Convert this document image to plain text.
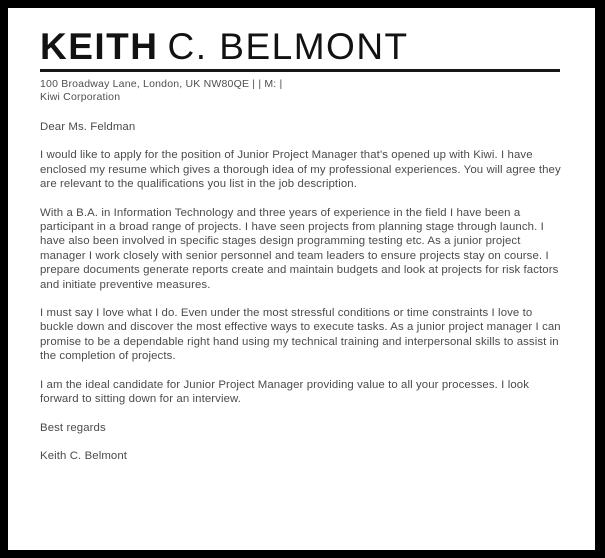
KEITH C. BELMONT
100 Broadway Lane, London, UK NW80QE | | M: |
Kiwi Corporation

Dear Ms. Feldman

I would like to apply for the position of Junior Project Manager that's opened up with Kiwi. I have enclosed my resume which gives a thorough idea of my professional experiences. You will agree they are relevant to the qualifications you list in the job description.

With a B.A. in Information Technology and three years of experience in the field I have been a participant in a broad range of projects. I have seen projects from planning stage through launch. I have also been involved in specific stages design programming testing etc. As a junior project manager I work closely with senior personnel and team leaders to ensure projects stay on course. I prepare documents generate reports create and maintain budgets and look at projects for risk factors and initiate preventive measures.

I must say I love what I do. Even under the most stressful conditions or time constraints I love to buckle down and discover the most effective ways to execute tasks. As a junior project manager I can promise to be a dependable right hand using my technical training and interpersonal skills to assist in the completion of projects.

I am the ideal candidate for Junior Project Manager providing value to all your processes. I look forward to sitting down for an interview.

Best regards

Keith C. Belmont
